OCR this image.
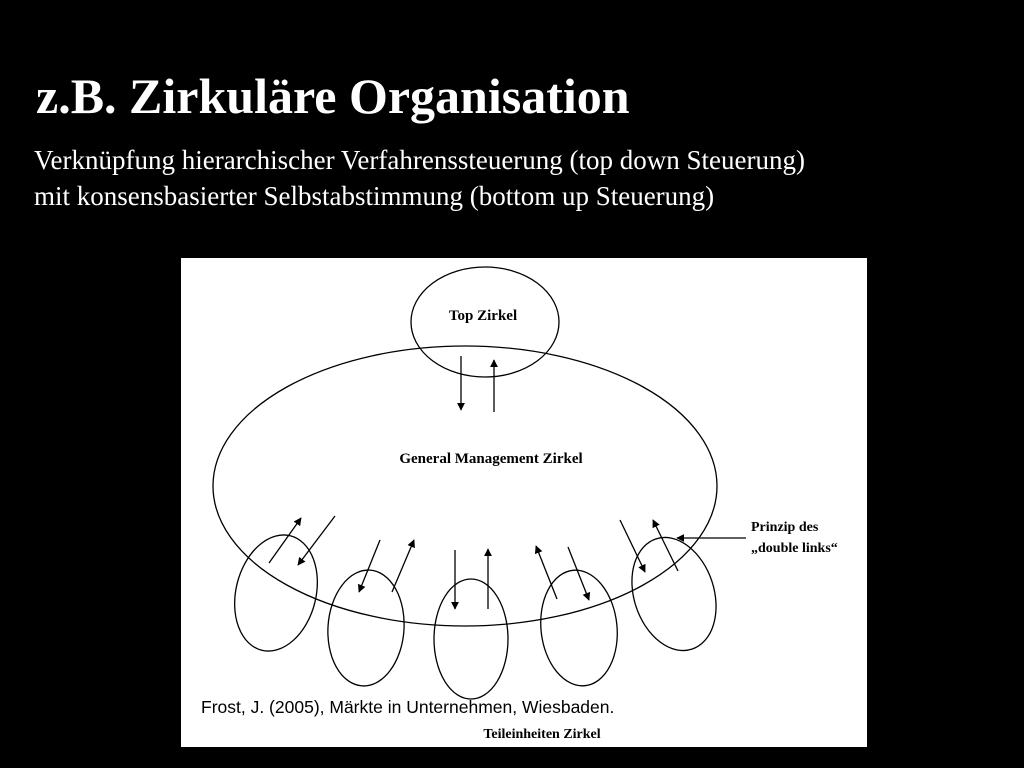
z.B. Zirkuläre Organisation

Verknüpfung hierarchischer Verfahrenssteuerung (top down Steuerung)
mit konsensbasierter Selbstabstimmung (bottom up Steuerung)

Top Zirkel
General Management Zirkel
Prinzip des
„double links“
Teileinheiten Zirkel

Frost, J. (2005), Märkte in Unternehmen, Wiesbaden.
